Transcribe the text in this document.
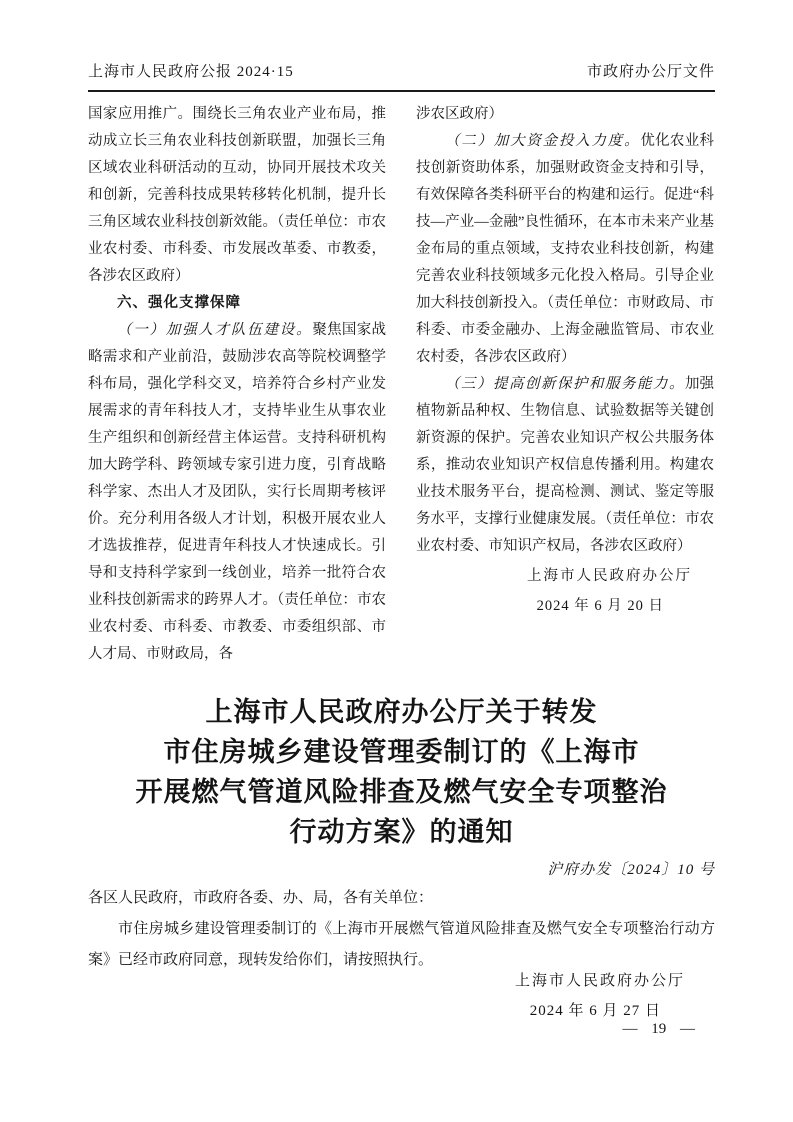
上海市人民政府公报 2024·15	市政府办公厅文件

国家应用推广。围绕长三角农业产业布局，推动成立长三角农业科技创新联盟，加强长三角区域农业科研活动的互动，协同开展技术攻关和创新，完善科技成果转移转化机制，提升长三角区域农业科技创新效能。（责任单位：市农业农村委、市科委、市发展改革委、市教委，各涉农区政府）

六、强化支撑保障

（一）加强人才队伍建设。聚焦国家战略需求和产业前沿，鼓励涉农高等院校调整学科布局，强化学科交叉，培养符合乡村产业发展需求的青年科技人才，支持毕业生从事农业生产组织和创新经营主体运营。支持科研机构加大跨学科、跨领域专家引进力度，引育战略科学家、杰出人才及团队，实行长周期考核评价。充分利用各级人才计划，积极开展农业人才选拔推荐，促进青年科技人才快速成长。引导和支持科学家到一线创业，培养一批符合农业科技创新需求的跨界人才。（责任单位：市农业农村委、市科委、市教委、市委组织部、市人才局、市财政局，各

涉农区政府）

（二）加大资金投入力度。优化农业科技创新资助体系，加强财政资金支持和引导，有效保障各类科研平台的构建和运行。促进“科技—产业—金融”良性循环，在本市未来产业基金布局的重点领域，支持农业科技创新，构建完善农业科技领域多元化投入格局。引导企业加大科技创新投入。（责任单位：市财政局、市科委、市委金融办、上海金融监管局、市农业农村委，各涉农区政府）

（三）提高创新保护和服务能力。加强植物新品种权、生物信息、试验数据等关键创新资源的保护。完善农业知识产权公共服务体系，推动农业知识产权信息传播利用。构建农业技术服务平台，提高检测、测试、鉴定等服务水平，支撑行业健康发展。（责任单位：市农业农村委、市知识产权局，各涉农区政府）

上海市人民政府办公厅
2024 年 6 月 20 日
上海市人民政府办公厅关于转发
市住房城乡建设管理委制订的《上海市
开展燃气管道风险排查及燃气安全专项整治
行动方案》的通知
沪府办发〔2024〕10 号
各区人民政府，市政府各委、办、局，各有关单位：

市住房城乡建设管理委制订的《上海市开展燃气管道风险排查及燃气安全专项整治行动方案》已经市政府同意，现转发给你们，请按照执行。

上海市人民政府办公厅
2024 年 6 月 27 日
— 19 —
